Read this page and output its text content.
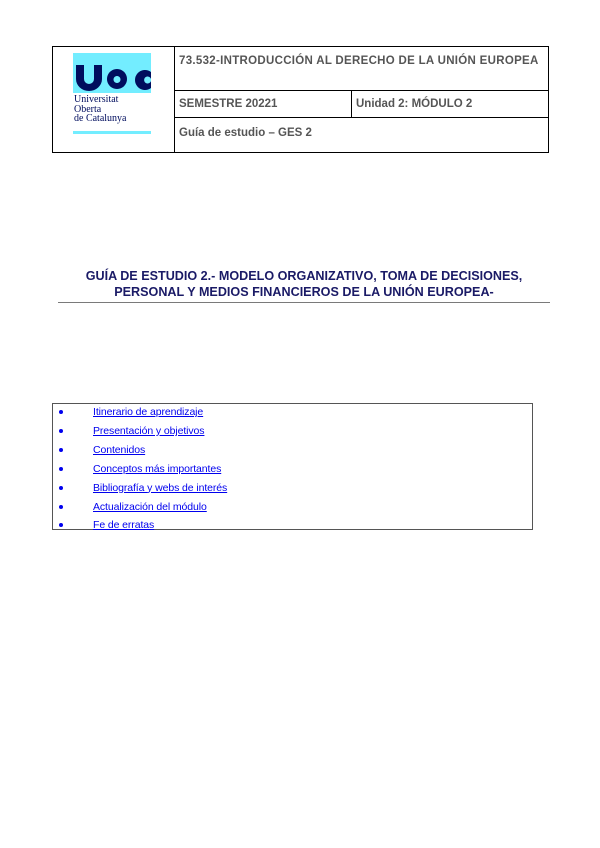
Universitat
Oberta
de Catalunya
73.532-INTRODUCCIÓN AL DERECHO DE LA UNIÓN EUROPEA
SEMESTRE 20221	Unidad 2: MÓDULO 2
Guía de estudio – GES 2
GUÍA DE ESTUDIO 2.- MODELO ORGANIZATIVO, TOMA DE DECISIONES,
PERSONAL Y MEDIOS FINANCIEROS DE LA UNIÓN EUROPEA-
Itinerario de aprendizaje
Presentación y objetivos
Contenidos
Conceptos más importantes
Bibliografía y webs de interés
Actualización del módulo
Fe de erratas
